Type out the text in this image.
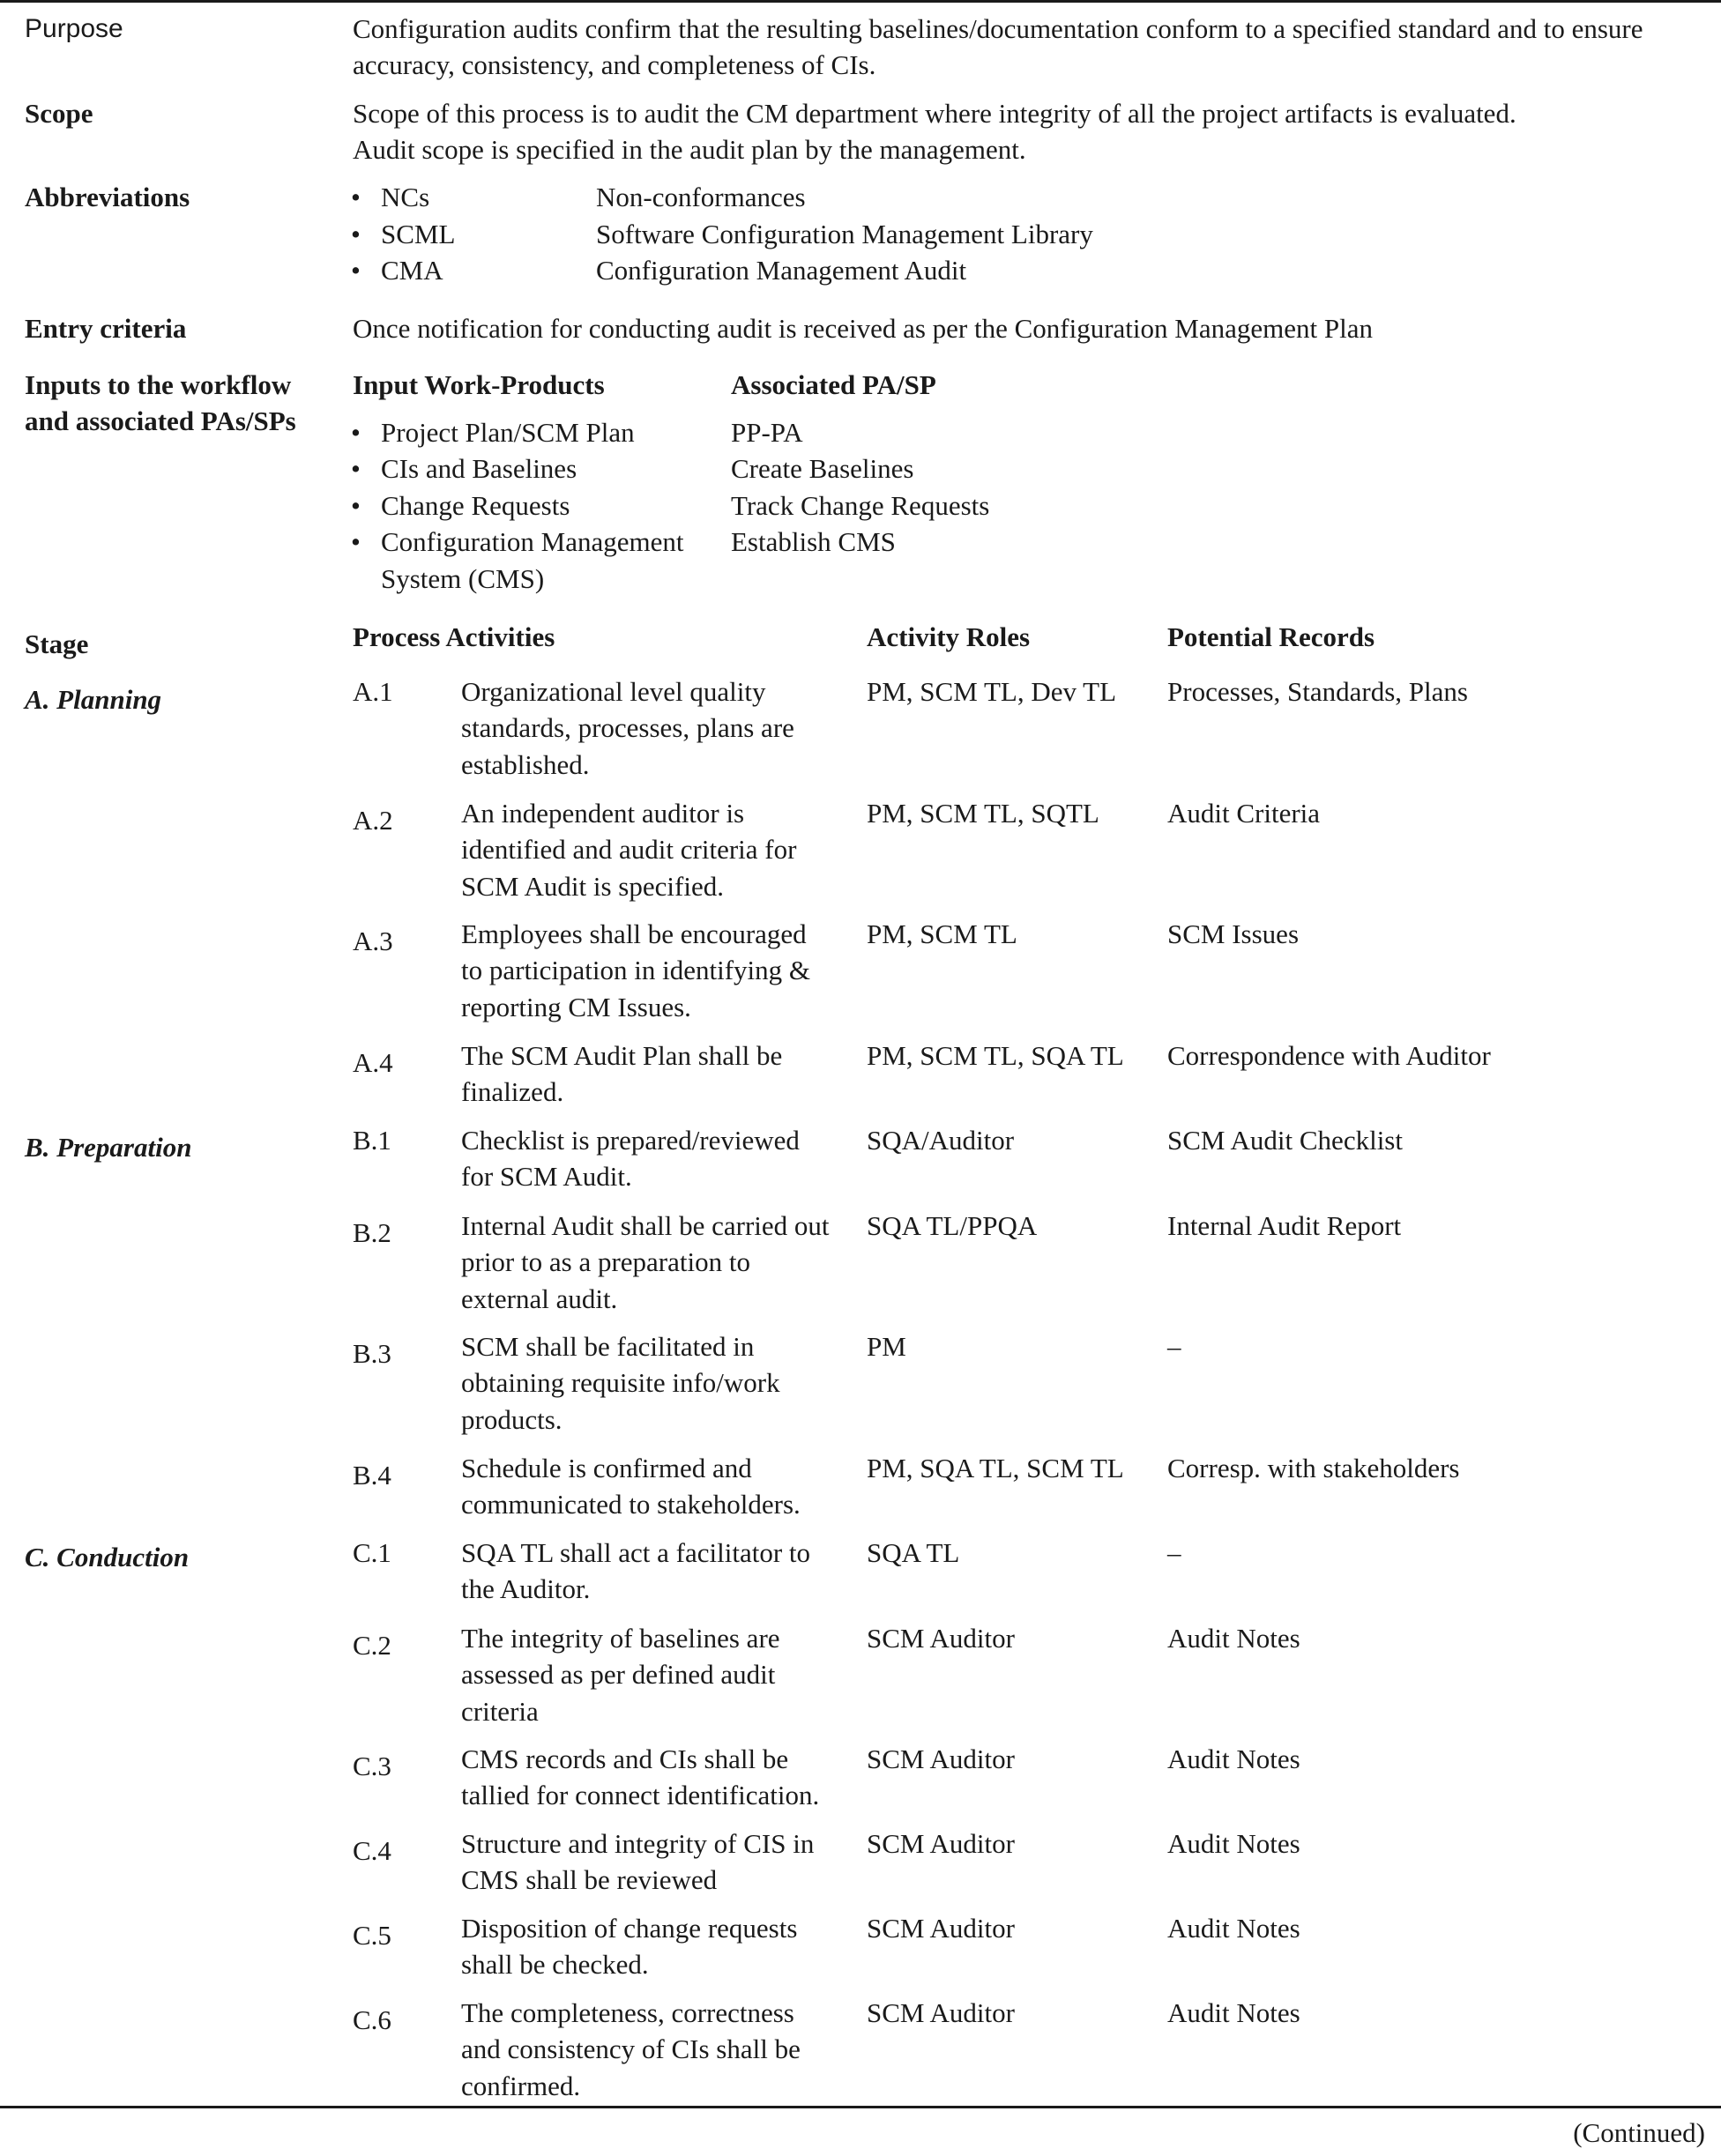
Purpose	Configuration audits confirm that the resulting baselines/documentation conform to a specified standard and to ensure
accuracy, consistency, and completeness of CIs.
Scope	Scope of this process is to audit the CM department where integrity of all the project artifacts is evaluated.
Audit scope is specified in the audit plan by the management.
Abbreviations
•	NCs	Non-conformances
• SCML	Software Configuration Management Library
• CMA	Configuration Management Audit
Entry criteria	Once notification for conducting audit is received as per the Configuration Management Plan
Inputs to the workflow
and associated PAs/SPs
Input Work-Products	Associated PA/SP
• Project Plan/SCM Plan
• CIs and Baselines
• Change Requests
• Configuration Management
System (CMS)
PP-PA
Create Baselines
Track Change Requests
Establish CMS
Stage	Process Activities	Activity Roles	Potential Records
A. Planning
B. Preparation
C. Conduction
A.1 Organizational level quality
standards, processes, plans are
established.
PM, SCM TL, Dev TL Processes, Standards, Plans
A.2 An independent auditor is
identified and audit criteria for
SCM Audit is specified.
PM, SCM TL, SQTL Audit Criteria
A.3 Employees shall be encouraged
to participation in identifying &
reporting CM Issues.
PM, SCM TL	SCM Issues
A.4 The SCM Audit Plan shall be
finalized.
PM, SCM TL, SQA TL Correspondence with Auditor
B.1	Checklist is prepared/reviewed
for SCM Audit.
SQA/Auditor	SCM Audit Checklist
B.2	Internal Audit shall be carried out
prior to as a preparation to
external audit.
SQA TL/PPQA	Internal Audit Report
B.3	SCM shall be facilitated in
obtaining requisite info/work
products.
PM	–
B.4	Schedule is confirmed and
communicated to stakeholders.
PM, SQA TL, SCM TL Corresp. with stakeholders
C.1	SQA TL shall act a facilitator to
the Auditor.
SQA TL	–
C.2	The integrity of baselines are
assessed as per defined audit
criteria
SCM Auditor	Audit Notes
C.3	CMS records and CIs shall be
tallied for connect identification.
SCM Auditor	Audit Notes
C.4	Structure and integrity of CIS in
CMS shall be reviewed
SCM Auditor	Audit Notes
C.5	Disposition of change requests
shall be checked.
SCM Auditor	Audit Notes
C.6	The completeness, correctness
and consistency of CIs shall be
confirmed.
SCM Auditor	Audit Notes
(Continued)
